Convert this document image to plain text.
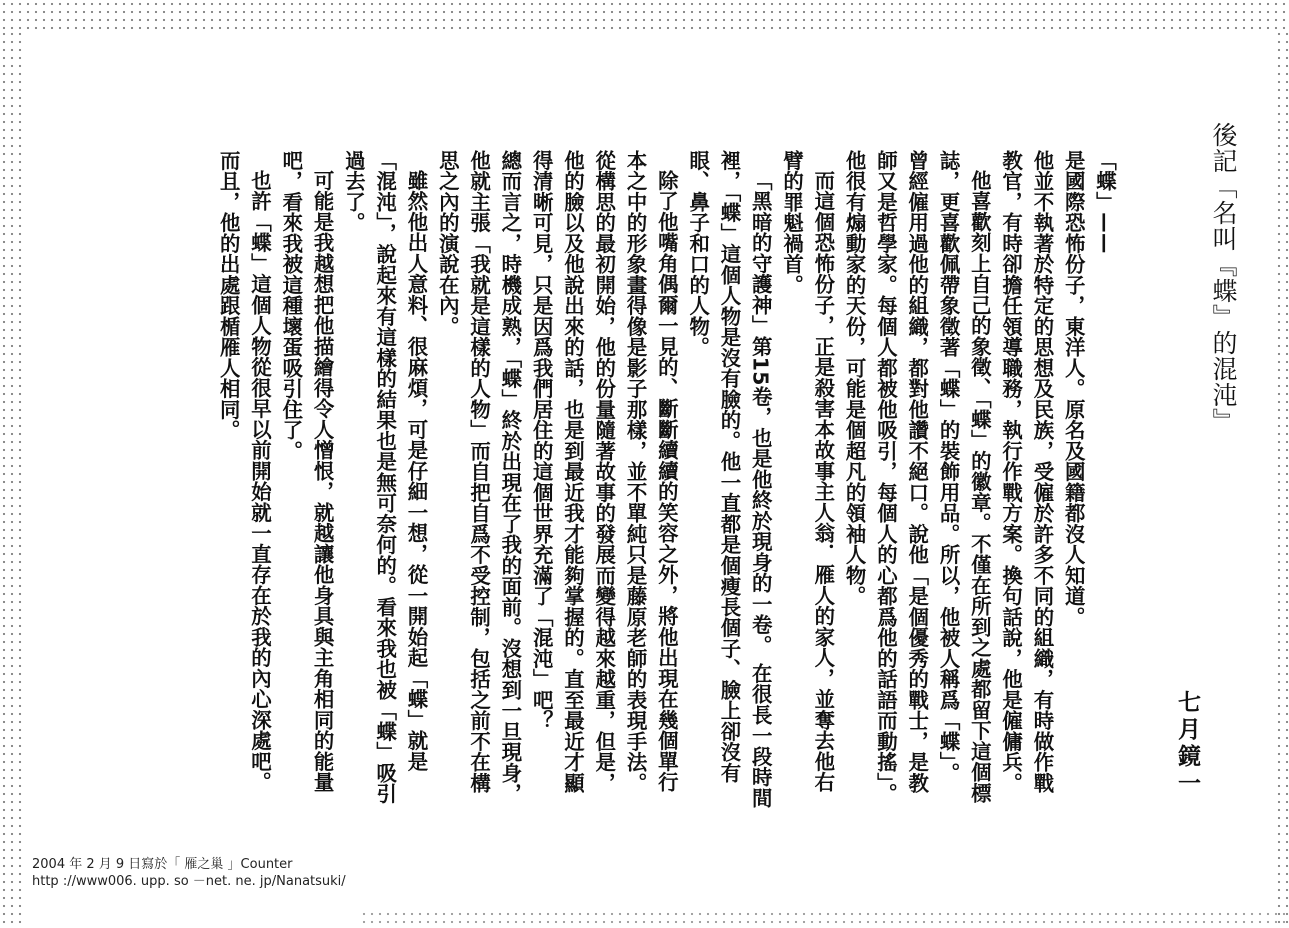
後記「名叫『蝶』的混沌』
七月鏡一

「蝶」——

是國際恐怖份子，東洋人。原名及國籍都沒人知道。

他並不執著於特定的思想及民族，受僱於許多不同的組織，有時做作戰教官，有時卻擔任領導職務，執行作戰方案。換句話說，他是僱傭兵。

他喜歡刻上自己的象徵、「蝶」的徽章。不僅在所到之處都留下這個標誌，更喜歡佩帶象徵著「蝶」的裝飾用品。所以，他被人稱爲「蝶」。

曾經僱用過他的組織，都對他讚不絕口。說他「是個優秀的戰士，是教師又是哲學家。每個人都被他吸引，每個人的心都爲他的話語而動搖」。他很有煽動家的天份，可能是個超凡的領袖人物。

而這個恐怖份子，正是殺害本故事主人翁．雁人的家人，並奪去他右臂的罪魁禍首。

「黑暗的守護神」第15卷，也是他終於現身的一卷。 在很長一段時間裡，「蝶」這個人物是沒有臉的。他一直都是個瘦長個子、臉上卻沒有眼、鼻子和口的人物。

除了他嘴角偶爾一見的、斷斷續續的笑容之外，將他出現在幾個單行本之中的形象畫得像是影子那樣，並不單純只是藤原老師的表現手法。

從構思的最初開始，他的份量隨著故事的發展而變得越來越重，但是，他的臉以及他說出來的話，也是到最近我才能夠掌握的。直至最近才顯得清晰可見，只是因爲我們居住的這個世界充滿了「混沌」吧？

總而言之，時機成熟，「蝶」終於出現在了我的面前。沒想到一旦現身，他就主張「我就是這樣的人物」而自把自爲不受控制，包括之前不在構思之內的演說在內。

雖然他出人意料、很麻煩，可是仔細一想，從一開始起「蝶」就是「混沌」，說起來有這樣的結果也是無可奈何的。看來我也被「蝶」吸引過去了。

可能是我越想把他描繪得令人憎恨，就越讓他身具與主角相同的能量吧，看來我被這種壞蛋吸引住了。

也許「蝶」這個人物從很早以前開始就一直存在於我的內心深處吧。而且，他的出處跟楯雁人相同。

2004 年 2 月 9 日寫於「 雁之巢 」Counter
http ://www006. upp. so －net. ne. jp/Nanatsuki/
